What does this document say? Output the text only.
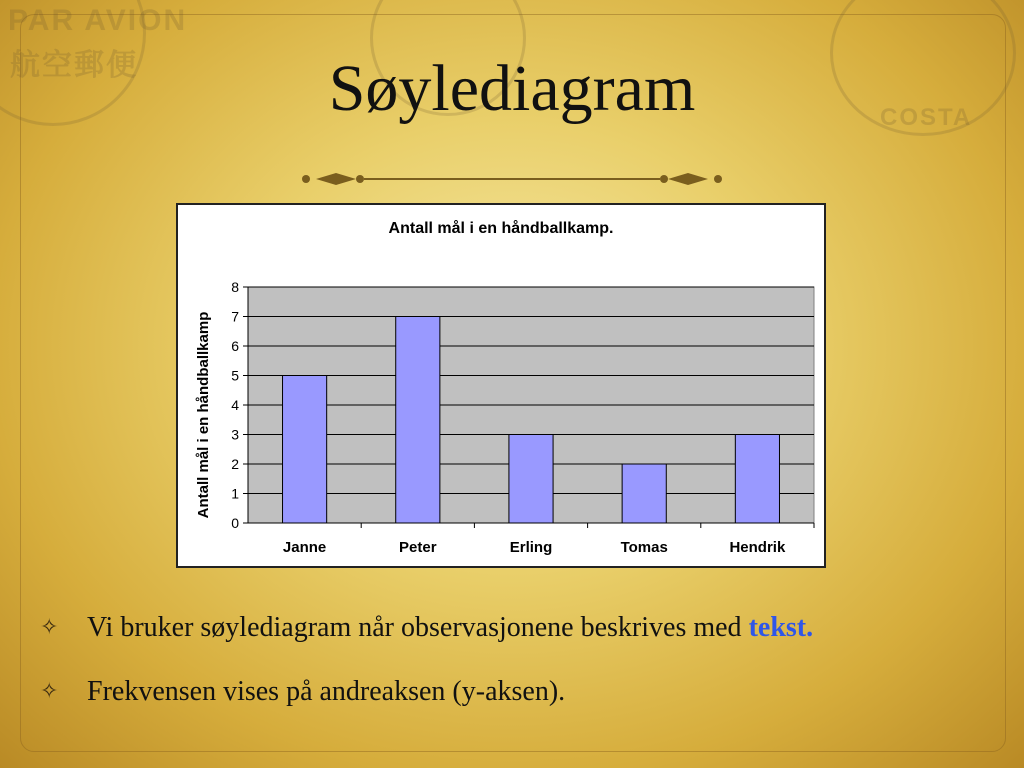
PAR AVION
航空郵便
COSTA
Søylediagram
Antall mål i en håndballkamp.
0
1
2
3
4
5
6
7
8
Janne	Peter	Erling	Tomas	Hendrik
Antall mål i en håndballkamp
✧ Vi bruker søylediagram når observasjonene beskrives med tekst.
✧ Frekvensen vises på andreaksen (y-aksen).
